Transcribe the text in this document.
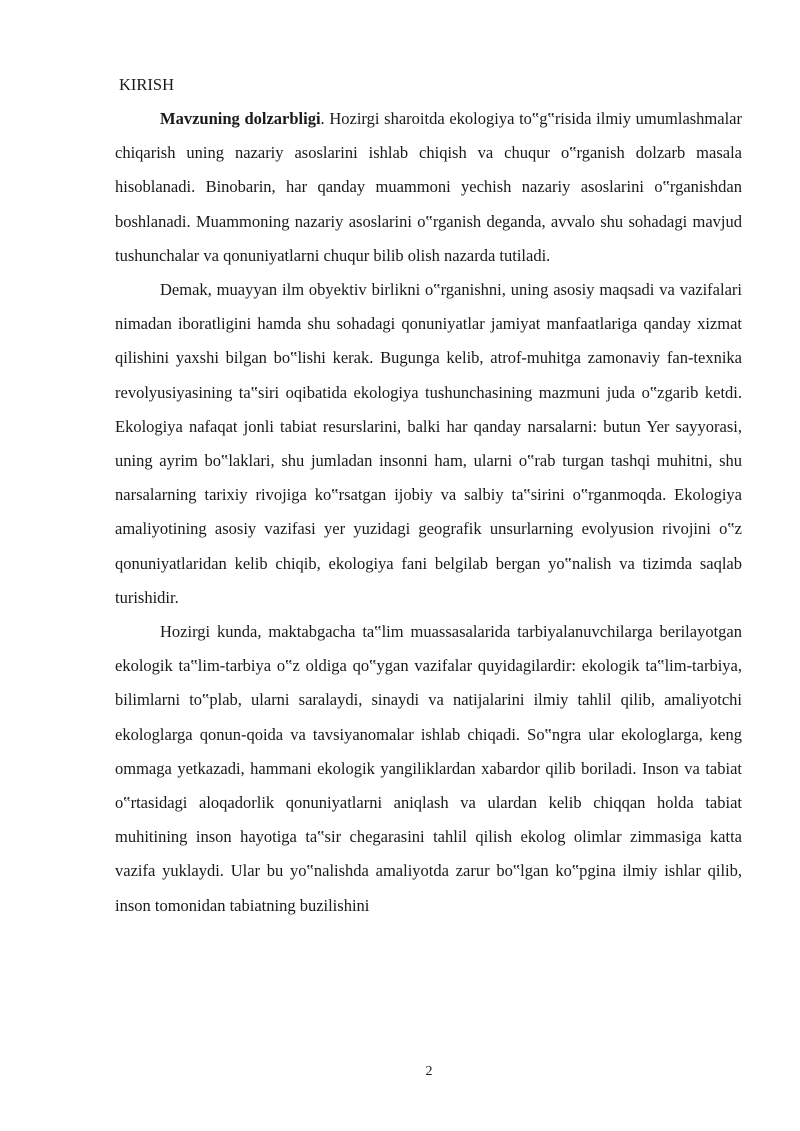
KIRISH

Mavzuning dolzarbligi. Hozirgi sharoitda ekologiya to‟g‟risida ilmiy umumlashmalar chiqarish uning nazariy asoslarini ishlab chiqish va chuqur o‟rganish dolzarb masala hisoblanadi. Binobarin, har qanday muammoni yechish nazariy asoslarini o‟rganishdan boshlanadi. Muammoning nazariy asoslarini o‟rganish deganda, avvalo shu sohadagi mavjud tushunchalar va qonuniyatlarni chuqur bilib olish nazarda tutiladi.

Demak, muayyan ilm obyektiv birlikni o‟rganishni, uning asosiy maqsadi va vazifalari nimadan iboratligini hamda shu sohadagi qonuniyatlar jamiyat manfaatlariga qanday xizmat qilishini yaxshi bilgan bo‟lishi kerak. Bugunga kelib, atrof-muhitga zamonaviy fan-texnika revolyusiyasining ta‟siri oqibatida ekologiya tushunchasining mazmuni juda o‟zgarib ketdi. Ekologiya nafaqat jonli tabiat resurslarini, balki har qanday narsalarni: butun Yer sayyorasi, uning ayrim bo‟laklari, shu jumladan insonni ham, ularni o‟rab turgan tashqi muhitni, shu narsalarning tarixiy rivojiga ko‟rsatgan ijobiy va salbiy ta‟sirini o‟rganmoqda. Ekologiya amaliyotining asosiy vazifasi yer yuzidagi geografik unsurlarning evolyusion rivojini o‟z qonuniyatlaridan kelib chiqib, ekologiya fani belgilab bergan yo‟nalish va tizimda saqlab turishidir.

Hozirgi kunda, maktabgacha ta‟lim muassasalarida tarbiyalanuvchilarga berilayotgan ekologik ta‟lim-tarbiya o‟z oldiga qo‟ygan vazifalar quyidagilardir: ekologik ta‟lim-tarbiya, bilimlarni to‟plab, ularni saralaydi, sinaydi va natijalarini ilmiy tahlil qilib, amaliyotchi ekologlarga qonun-qoida va tavsiyanomalar ishlab chiqadi. So‟ngra ular ekologlarga, keng ommaga yetkazadi, hammani ekologik yangiliklardan xabardor qilib boriladi. Inson va tabiat o‟rtasidagi aloqadorlik qonuniyatlarni aniqlash va ulardan kelib chiqqan holda tabiat muhitining inson hayotiga ta‟sir chegarasini tahlil qilish ekolog olimlar zimmasiga katta vazifa yuklaydi. Ular bu yo‟nalishda amaliyotda zarur bo‟lgan ko‟pgina ilmiy ishlar qilib, inson tomonidan tabiatning buzilishini

2
